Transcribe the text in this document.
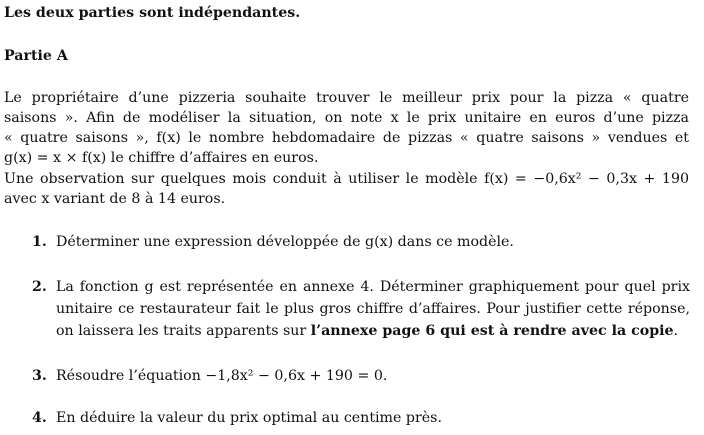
Les deux parties sont indépendantes.
Partie A
Le propriétaire d’une pizzeria souhaite trouver le meilleur prix pour la pizza « quatre
saisons ». Afin de modéliser la situation, on note x le prix unitaire en euros d’une pizza
« quatre saisons », f(x) le nombre hebdomadaire de pizzas « quatre saisons » vendues et
g(x) = x × f(x) le chiffre d’affaires en euros.
Une observation sur quelques mois conduit à utiliser le modèle f(x) = −0,6x² − 0,3x + 190
avec x variant de 8 à 14 euros.
1. Déterminer une expression développée de g(x) dans ce modèle.
2. La fonction g est représentée en annexe 4. Déterminer graphiquement pour quel prix
unitaire ce restaurateur fait le plus gros chiffre d’affaires. Pour justifier cette réponse,
on laissera les traits apparents sur l’annexe page 6 qui est à rendre avec la copie.
3. Résoudre l’équation −1,8x² − 0,6x + 190 = 0.
4. En déduire la valeur du prix optimal au centime près.
